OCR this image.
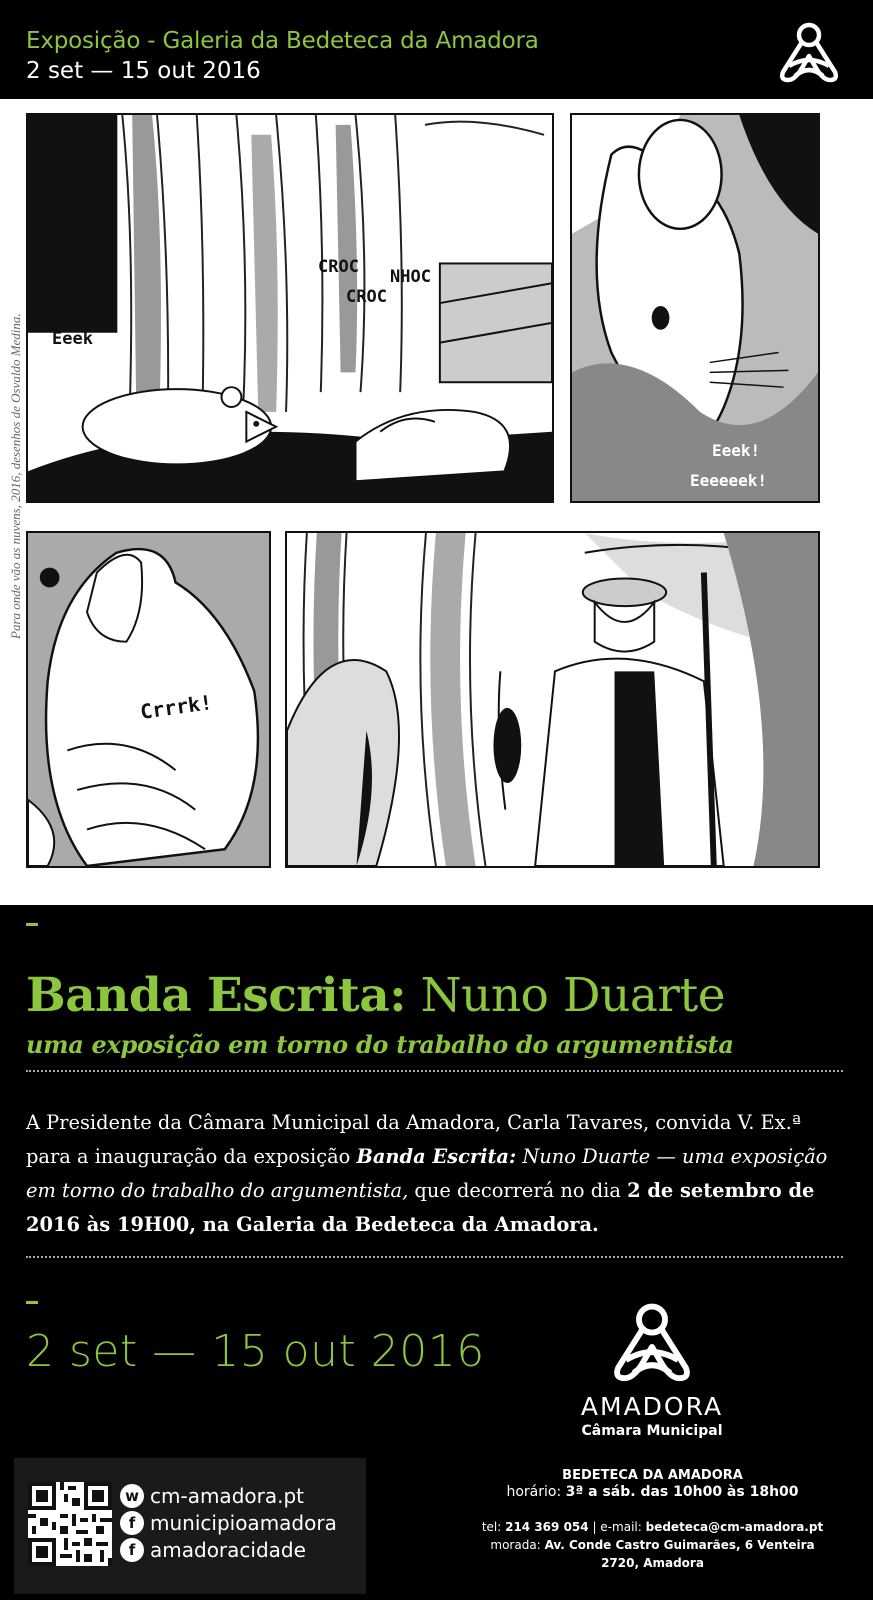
Exposição - Galeria da Bedeteca da Amadora
2 set — 15 out 2016
Para onde vão as nuvens, 2016, desenhos de Osvaldo Medina. Eeek
CROC NHOC
CROC
Eeek!
Eeeeeek!
Crrrk!
Banda Escrita: Nuno Duarte
uma exposição em torno do trabalho do argumentista
A Presidente da Câmara Municipal da Amadora, Carla Tavares, convida V. Ex.ª para a inauguração da exposição Banda Escrita: Nuno Duarte — uma exposição em torno do trabalho do argumentista, que decorrerá no dia 2 de setembro de 2016 às 19H00, na Galeria da Bedeteca da Amadora.
2 set — 15 out 2016
AMADORA
Câmara Municipal
w cm-amadora.pt
f municipioamadora
f amadoracidade
BEDETECA DA AMADORA
horário: 3ª a sáb. das 10h00 às 18h00
tel: 214 369 054 | e-mail: bedeteca@cm-amadora.pt
morada: Av. Conde Castro Guimarães, 6 Venteira
2720, Amadora
